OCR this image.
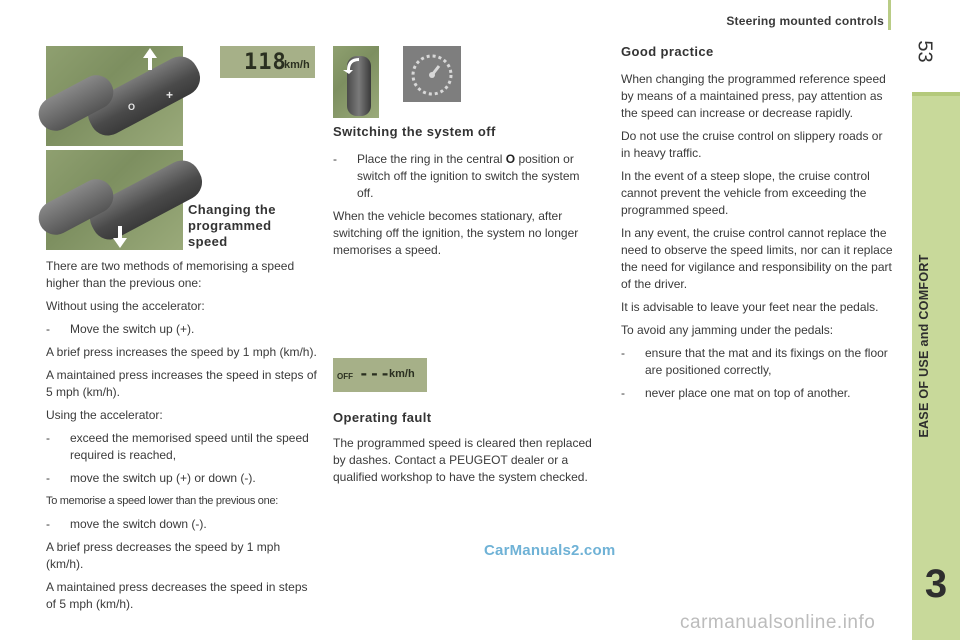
Steering mounted controls
53
EASE OF USE and COMFORT
3
O
+
118
km/h
Changing the
programmed
speed

There are two methods of memorising a speed higher than the previous one:

Without using the accelerator:

-	Move the switch up (+).

A brief press increases the speed by 1 mph (km/h).

A maintained press increases the speed in steps of 5 mph (km/h).

Using the accelerator:

-	exceed the memorised speed until the speed required is reached,
-	move the switch up (+) or down (-).

To memorise a speed lower than the previous one:

-	move the switch down (-).

A brief press decreases the speed by 1 mph (km/h).

A maintained press decreases the speed in steps of 5 mph (km/h).

Switching the system off
-	Place the ring in the central O position or switch off the ignition to switch the system off.

When the vehicle becomes stationary, after switching off the ignition, the system no longer memorises a speed.

OFF ---
km/h
Operating fault

The programmed speed is cleared then replaced by dashes. Contact a PEUGEOT dealer or a qualified workshop to have the system checked.

Good practice

When changing the programmed reference speed by means of a maintained press, pay attention as the speed can increase or decrease rapidly.

Do not use the cruise control on slippery roads or in heavy traffic.

In the event of a steep slope, the cruise control cannot prevent the vehicle from exceeding the programmed speed.

In any event, the cruise control cannot replace the need to observe the speed limits, nor can it replace the need for vigilance and responsibility on the part of the driver.

It is advisable to leave your feet near the pedals.

To avoid any jamming under the pedals:

-	ensure that the mat and its fixings on the floor are positioned correctly,
-	never place one mat on top of another.
CarManuals2.com
carmanualsonline.info
